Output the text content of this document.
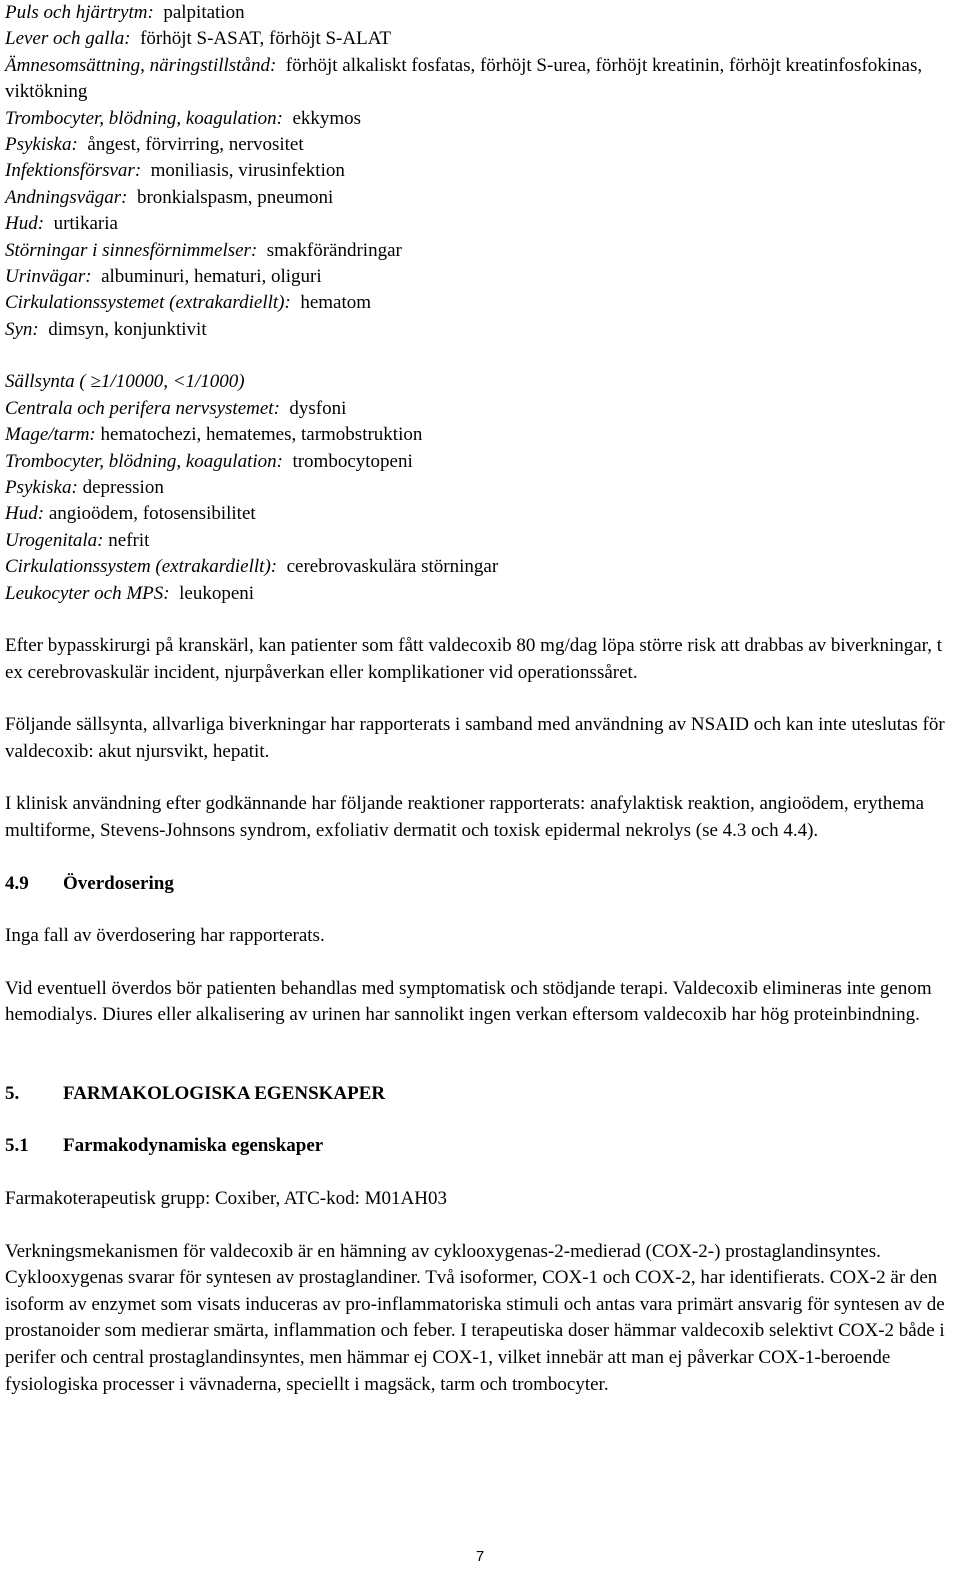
Puls och hjärtrytm: palpitation
Lever och galla: förhöjt S-ASAT, förhöjt S-ALAT
Ämnesomsättning, näringstillstånd: förhöjt alkaliskt fosfatas, förhöjt S-urea, förhöjt kreatinin, förhöjt kreatinfosfokinas, viktökning
Trombocyter, blödning, koagulation: ekkymos
Psykiska: ångest, förvirring, nervositet
Infektionsförsvar: moniliasis, virusinfektion
Andningsvägar: bronkialspasm, pneumoni
Hud: urtikaria
Störningar i sinnesförnimmelser: smakförändringar
Urinvägar: albuminuri, hematuri, oliguri
Cirkulationssystemet (extrakardiellt): hematom
Syn: dimsyn, konjunktivit
Sällsynta ( ≥1/10000, <1/1000)
Centrala och perifera nervsystemet: dysfoni
Mage/tarm: hematochezi, hematemes, tarmobstruktion
Trombocyter, blödning, koagulation: trombocytopeni
Psykiska: depression
Hud: angioödem, fotosensibilitet
Urogenitala: nefrit
Cirkulationssystem (extrakardiellt): cerebrovaskulära störningar
Leukocyter och MPS: leukopeni

Efter bypasskirurgi på kranskärl, kan patienter som fått valdecoxib 80 mg/dag löpa större risk att drabbas av biverkningar, t ex cerebrovaskulär incident, njurpåverkan eller komplikationer vid operationssåret.

Följande sällsynta, allvarliga biverkningar har rapporterats i samband med användning av NSAID och kan inte uteslutas för valdecoxib: akut njursvikt, hepatit.

I klinisk användning efter godkännande har följande reaktioner rapporterats: anafylaktisk reaktion, angioödem, erythema multiforme, Stevens-Johnsons syndrom, exfoliativ dermatit och toxisk epidermal nekrolys (se 4.3 och 4.4).

4.9 Överdosering

Inga fall av överdosering har rapporterats.

Vid eventuell överdos bör patienten behandlas med symptomatisk och stödjande terapi. Valdecoxib elimineras inte genom hemodialys. Diures eller alkalisering av urinen har sannolikt ingen verkan eftersom valdecoxib har hög proteinbindning.

5. FARMAKOLOGISKA EGENSKAPER
5.1 Farmakodynamiska egenskaper

Farmakoterapeutisk grupp: Coxiber, ATC-kod: M01AH03

Verkningsmekanismen för valdecoxib är en hämning av cyklooxygenas-2-medierad (COX-2-) prostaglandinsyntes. Cyklooxygenas svarar för syntesen av prostaglandiner. Två isoformer, COX-1 och COX-2, har identifierats. COX-2 är den isoform av enzymet som visats induceras av pro-inflammatoriska stimuli och antas vara primärt ansvarig för syntesen av de prostanoider som medierar smärta, inflammation och feber. I terapeutiska doser hämmar valdecoxib selektivt COX-2 både i perifer och central prostaglandinsyntes, men hämmar ej COX-1, vilket innebär att man ej påverkar COX-1-beroende fysiologiska processer i vävnaderna, speciellt i magsäck, tarm och trombocyter.

7
